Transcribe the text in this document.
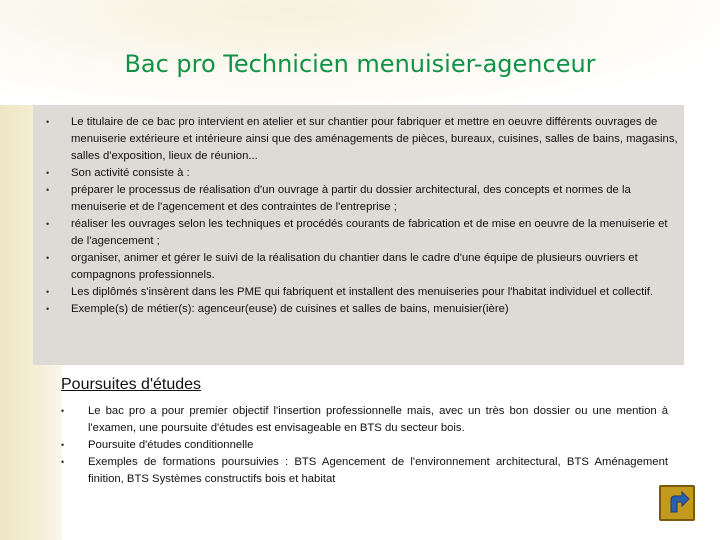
Bac pro Technicien menuisier-agenceur
• Le titulaire de ce bac pro intervient en atelier et sur chantier pour fabriquer et mettre en oeuvre différents ouvrages de menuiserie extérieure et intérieure ainsi que des aménagements de pièces, bureaux, cuisines, salles de bains, magasins, salles d'exposition, lieux de réunion...
• Son activité consiste à :
• préparer le processus de réalisation d'un ouvrage à partir du dossier architectural, des concepts et normes de la menuiserie et de l'agencement et des contraintes de l'entreprise ;
• réaliser les ouvrages selon les techniques et procédés courants de fabrication et de mise en oeuvre de la menuiserie et de l'agencement ;
• organiser, animer et gérer le suivi de la réalisation du chantier dans le cadre d'une équipe de plusieurs ouvriers et compagnons professionnels.
• Les diplômés s'insèrent dans les PME qui fabriquent et installent des menuiseries pour l'habitat individuel et collectif.
• Exemple(s) de métier(s): agenceur(euse) de cuisines et salles de bains, menuisier(ière)
Poursuites d'études
• Le bac pro a pour premier objectif l'insertion professionnelle mais, avec un très bon dossier ou une mention à l'examen, une poursuite d'études est envisageable en BTS du secteur bois.
• Poursuite d'études conditionnelle
• Exemples de formations poursuivies : BTS Agencement de l'environnement architectural, BTS Aménagement finition, BTS Systèmes constructifs bois et habitat
